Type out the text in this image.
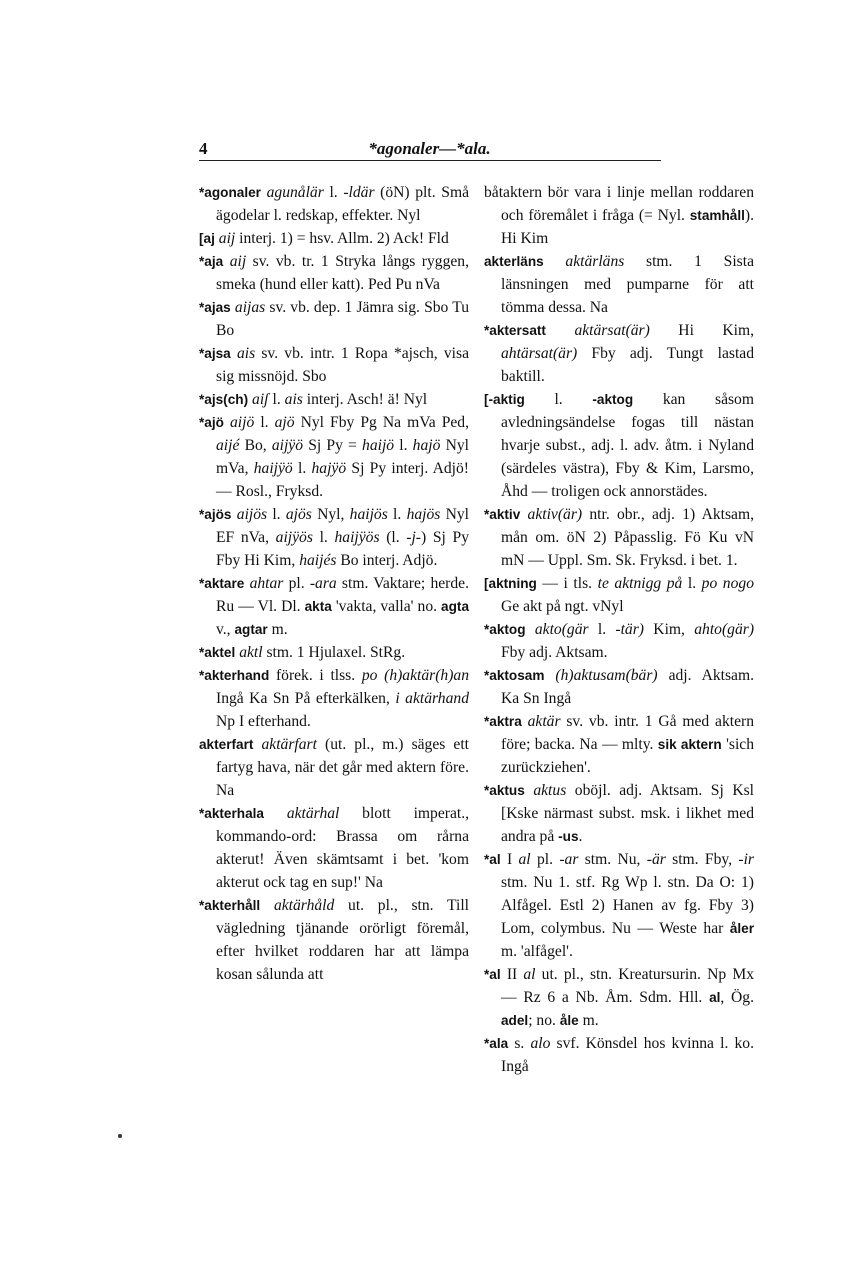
4	*agonaler—*ala.

*agonaler agunålär l. -ldär (öN) plt. Små ägodelar l. redskap, effekter. Nyl

[aj aij interj. 1) = hsv. Allm. 2) Ack! Fld

*aja aij sv. vb. tr. 1 Stryka långs ryggen, smeka (hund eller katt). Ped Pu nVa

*ajas aijas sv. vb. dep. 1 Jämra sig. Sbo Tu Bo

*ajsa ais sv. vb. intr. 1 Ropa *ajsch, visa sig missnöjd. Sbo

*ajs(ch) aiʃ l. ais interj. Asch! ä! Nyl

*ajö aijö l. ajö Nyl Fby Pg Na mVa Ped, aijé Bo, aijÿö Sj Py = haijö l. hajö Nyl mVa, haijÿö l. hajÿö Sj Py interj. Adjö! — Rosl., Fryksd.

*ajös aijös l. ajös Nyl, haijös l. hajös Nyl EF nVa, aijÿös l. haijÿös (l. -j-) Sj Py Fby Hi Kim, haijés Bo interj. Adjö.

*aktare ahtar pl. -ara stm. Vaktare; herde. Ru — Vl. Dl. akta 'vakta, valla' no. agta v., agtar m.

*aktel aktl stm. 1 Hjulaxel. StRg.

*akterhand förek. i tlss. po (h)aktär(h)an Ingå Ka Sn På efterkälken, i aktärhand Np I efterhand.

akterfart aktärfart (ut. pl., m.) säges ett fartyg hava, när det går med aktern före. Na

*akterhala aktärhal blott imperat., kommando-ord: Brassa om rårna akterut! Även skämtsamt i bet. 'kom akterut ock tag en sup!' Na

*akterhåll aktärhåld ut. pl., stn. Till vägledning tjänande orörligt föremål, efter hvilket roddaren har att lämpa kosan sålunda att

båtaktern bör vara i linje mellan roddaren och föremålet i fråga (= Nyl. stamhåll). Hi Kim

akterläns aktärläns stm. 1 Sista länsningen med pumparne för att tömma dessa. Na

*aktersatt aktärsat(är) Hi Kim, ahtärsat(är) Fby adj. Tungt lastad baktill.

[-aktig l. -aktog kan såsom avledningsändelse fogas till nästan hvarje subst., adj. l. adv. åtm. i Nyland (särdeles västra), Fby & Kim, Larsmo, Åhd — troligen ock annorstädes.

*aktiv aktiv(är) ntr. obr., adj. 1) Aktsam, mån om. öN 2) Påpasslig. Fö Ku vN mN — Uppl. Sm. Sk. Fryksd. i bet. 1.

[aktning — i tls. te aktnigg på l. po nogo Ge akt på ngt. vNyl

*aktog akto(gär l. -tär) Kim, ahto(gär) Fby adj. Aktsam.

*aktosam (h)aktusam(bär) adj. Aktsam. Ka Sn Ingå

*aktra aktär sv. vb. intr. 1 Gå med aktern före; backa. Na — mlty. sik aktern 'sich zurückziehen'.

*aktus aktus oböjl. adj. Aktsam. Sj Ksl [Kske närmast subst. msk. i likhet med andra på -us.

*al I al pl. -ar stm. Nu, -är stm. Fby, -ir stm. Nu 1. stf. Rg Wp l. stn. Da O: 1) Alfågel. Estl 2) Hanen av fg. Fby 3) Lom, colymbus. Nu — Weste har åler m. 'alfågel'.

*al II al ut. pl., stn. Kreatursurin. Np Mx — Rz 6 a Nb. Åm. Sdm. Hll. al, Ög. adel; no. åle m.

*ala s. alo svf. Könsdel hos kvinna l. ko. Ingå
